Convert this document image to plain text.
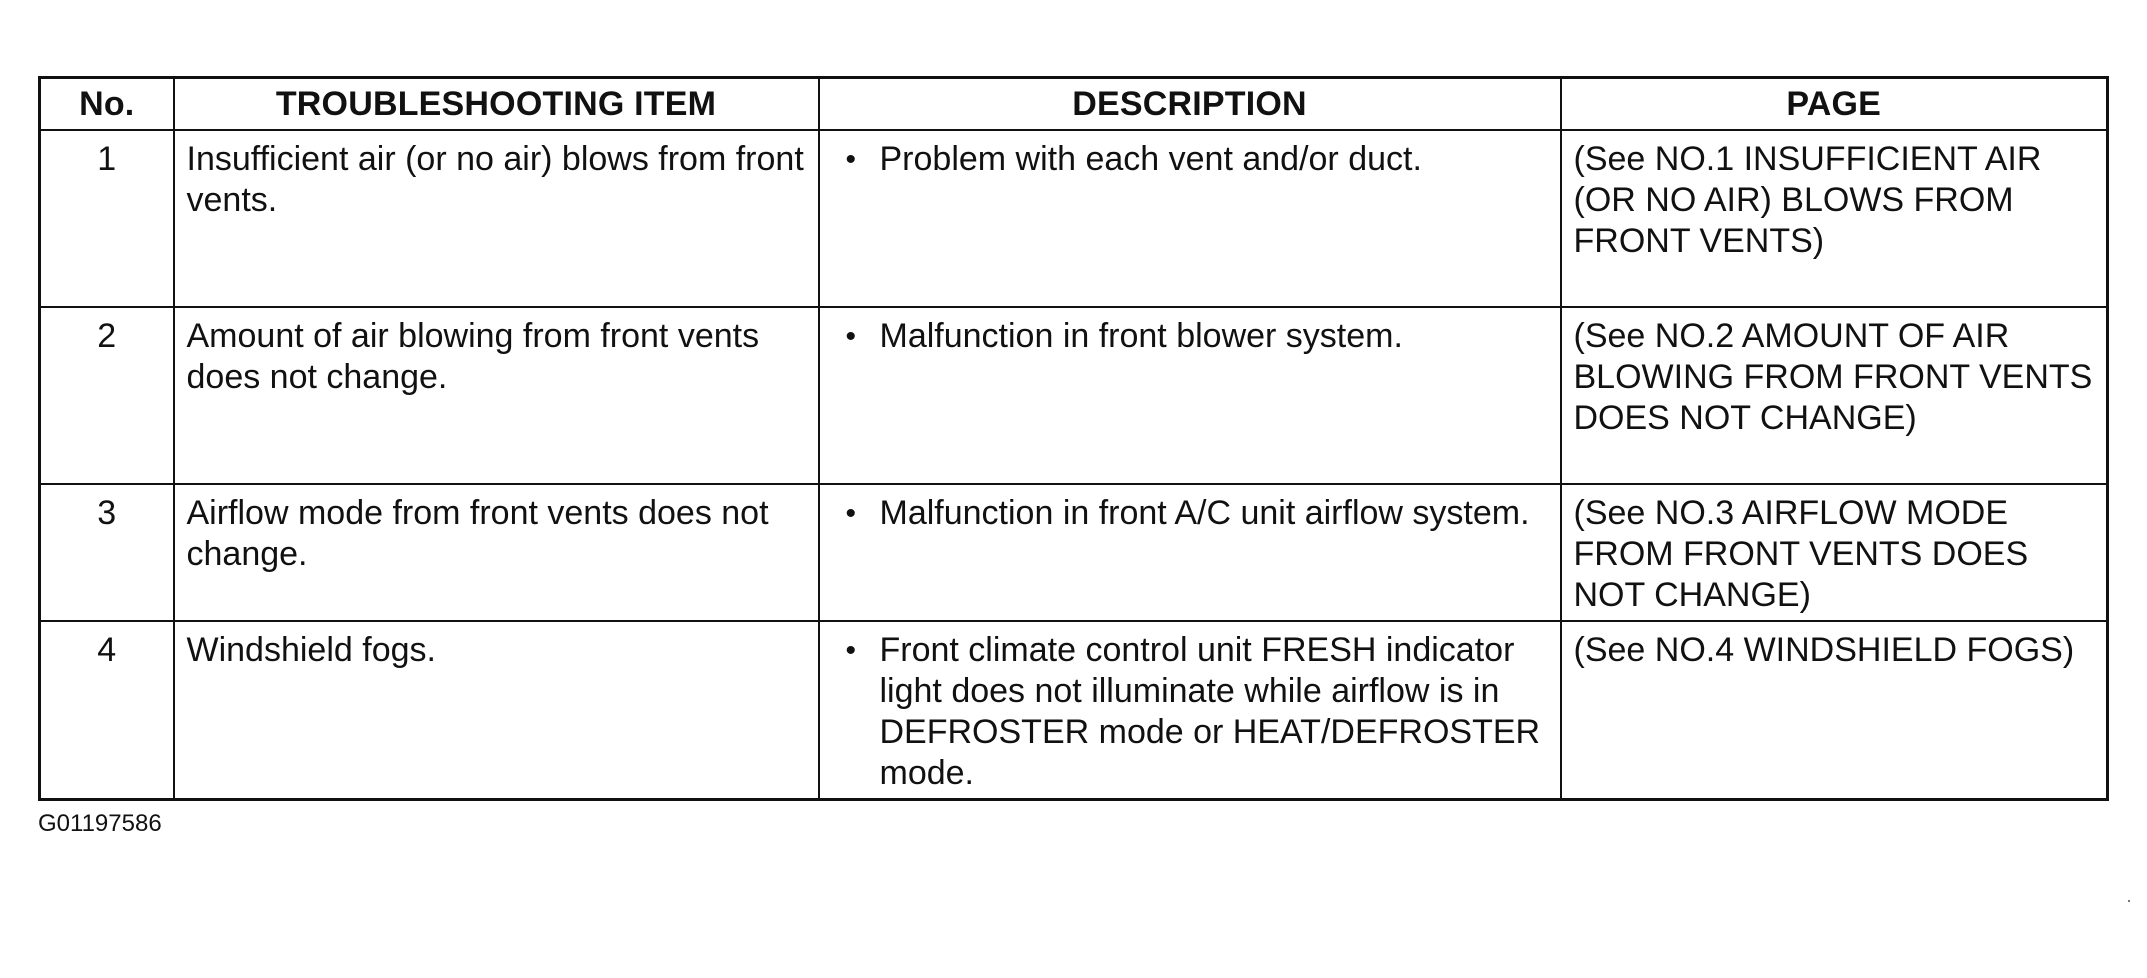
No.	TROUBLESHOOTING ITEM	DESCRIPTION	PAGE
1	Insufficient air (or no air) blows from front vents.	• Problem with each vent and/or duct.	(See NO.1 INSUFFICIENT AIR (OR NO AIR) BLOWS FROM FRONT VENTS)
2	Amount of air blowing from front vents does not change.	• Malfunction in front blower system.	(See NO.2 AMOUNT OF AIR BLOWING FROM FRONT VENTS DOES NOT CHANGE)
3	Airflow mode from front vents does not change.	• Malfunction in front A/C unit airflow system.	(See NO.3 AIRFLOW MODE FROM FRONT VENTS DOES NOT CHANGE)
4	Windshield fogs.	• Front climate control unit FRESH indicator light does not illuminate while airflow is in DEFROSTER mode or HEAT/DEFROSTER mode.	(See NO.4 WINDSHIELD FOGS)
G01197586
